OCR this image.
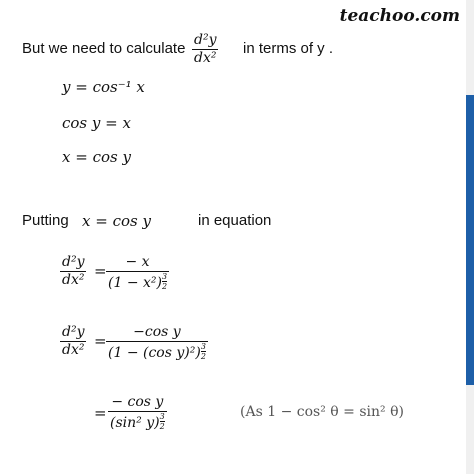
teachoo.com
But we need to calculate $\frac{\text{d²y}}{\text{dx²}}$ in terms of y .
y = cos⁻¹ x
cos y = x
x = cos y
Putting x = cos y	in equation
$\frac{\text{d²y}}{\text{dx²}} = \frac{- x}{(1 - x^2) \frac{3}{2}}$
$\frac{\text{d²y}}{\text{dx²}} = \frac{\text{−cos y}}{(1 - (\cos y)^2) \frac{3}{2}}$
= $\frac{\text{− cos y}}{(\sin^2 y) \frac{3}{2}}$	(As 1 − cos² θ = sin² θ)
